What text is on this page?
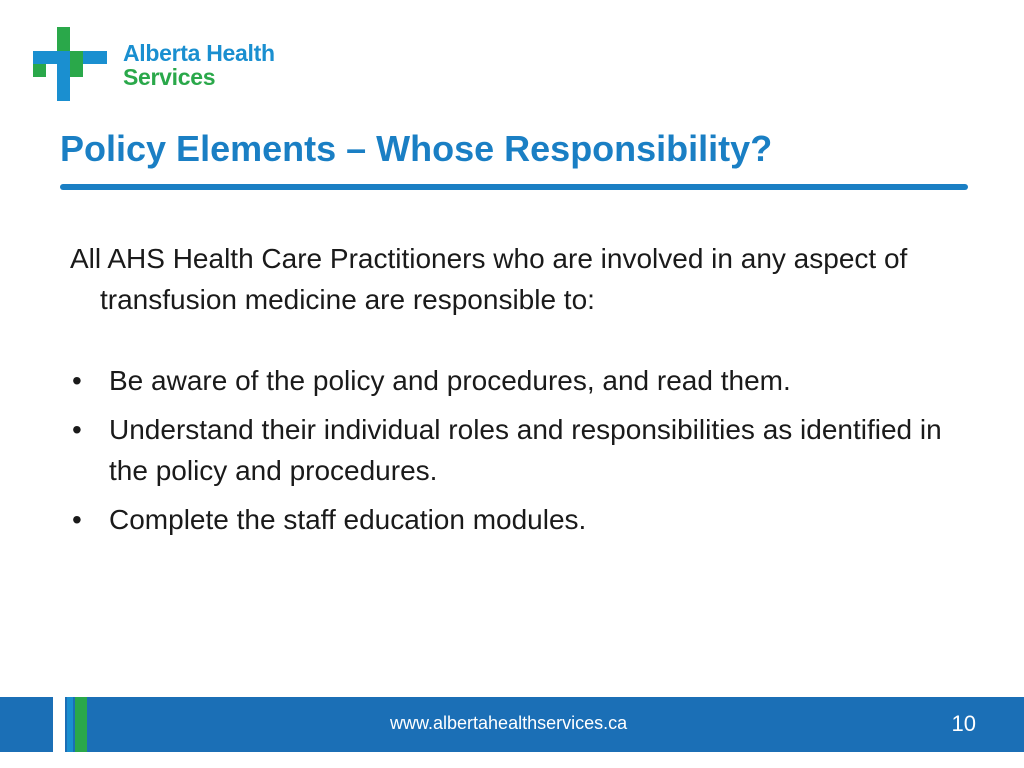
Alberta Health
Services
Policy Elements – Whose Responsibility?

All AHS Health Care Practitioners who are involved in any aspect of transfusion medicine are responsible to:

• Be aware of the policy and procedures, and read them.
• Understand their individual roles and responsibilities as identified in the policy and procedures.
• Complete the staff education modules.
www.albertahealthservices.ca	10
